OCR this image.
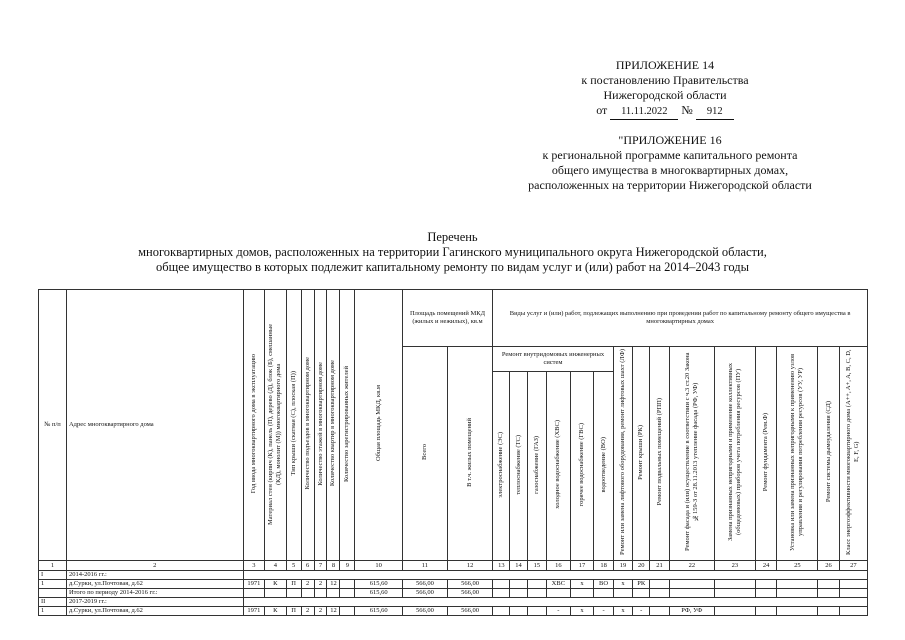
ПРИЛОЖЕНИЕ 14
к постановлению Правительства
Нижегородской области
от 11.11.2022 № 912
"ПРИЛОЖЕНИЕ 16
к региональной программе капитального ремонта
общего имущества в многоквартирных домах,
расположенных на территории Нижегородской области
Перечень
многоквартирных домов, расположенных на территории Гагинского муниципального округа Нижегородской области,
общее имущество в которых подлежит капитальному ремонту по видам услуг и (или) работ на 2014–2043 годы
№ п/п	Адрес многоквартирного дома	Год ввода многоквартирного дома в эксплуатацию	Материал стен (кирпич (К), панель (П), дерево (Д), блок (Б), смешанные (КД), монолит (М)) многоквартирного дома	Тип крыши (скатная (С), плоская (П))	Количество подъездов в многоквартирном доме	Количество этажей в многоквартирном доме	Количество квартир в многоквартирном доме	Количество зарегистрированных жителей	Общая площадь МКД, кв.м	Площадь помещений МКД (жилых и нежилых), кв.м		Виды услуг и (или) работ, подлежащих выполнению при проведении работ по капитальному ремонту общего имущества в многоквартирных домах														
										Всего	В т.ч. жилых помещений	Ремонт внутридомовых инженерных систем						Ремонт или замена лифтового оборудования, ремонт лифтовых шахт (ЛФ)	Ремонт крыши (РК)	Ремонт подвальных помещений (РПП)	Ремонт фасада и (или) осуществление в соответствии с ч.3 ст.20 Закона №159-З от 28.11.2013 утепление фасада (РФ, УФ)	Замена признанных непригодными и применение коллективных (общедомовых) приборов учета потребления ресурсов (ПУ)	Ремонт фундамента (Рем.Ф)	Установка или замена признанных непригодными к применению узлов управления и регулирования потребления ресурсов (УУ, УР)	Ремонт системы дымоудаления (СД)	Класс энергоэффективности многоквартирного дома (A++, A+, A, B, C, D, E, F, G)
												электроснабжение (ЭС)	теплоснабжение (ТС)	газоснабжение (ГАЗ)	холодное водоснабжение (ХВС)	горячее водоснабжение (ГВС)	водоотведение (ВО)									
1	2	3	4	5	6	7	8	9	10	11	12	13	14	15	16	17	18	19	20	21	22	23	24	25	26	27
I	2014-2016 гг.:																									
1	д.Сурки, ул.Почтовая, д.62	1971	К	П	2	2	12		615,60	566,00	566,00				ХВС	х	ВО	х	РК							
	Итого по периоду 2014-2016 гг.:								615,60	566,00	566,00															
II	2017-2019 гг.:																									
1	д.Сурки, ул.Почтовая, д.62	1971	К	П	2	2	12		615,60	566,00	566,00				-	х	-	х	-		РФ, УФ					
